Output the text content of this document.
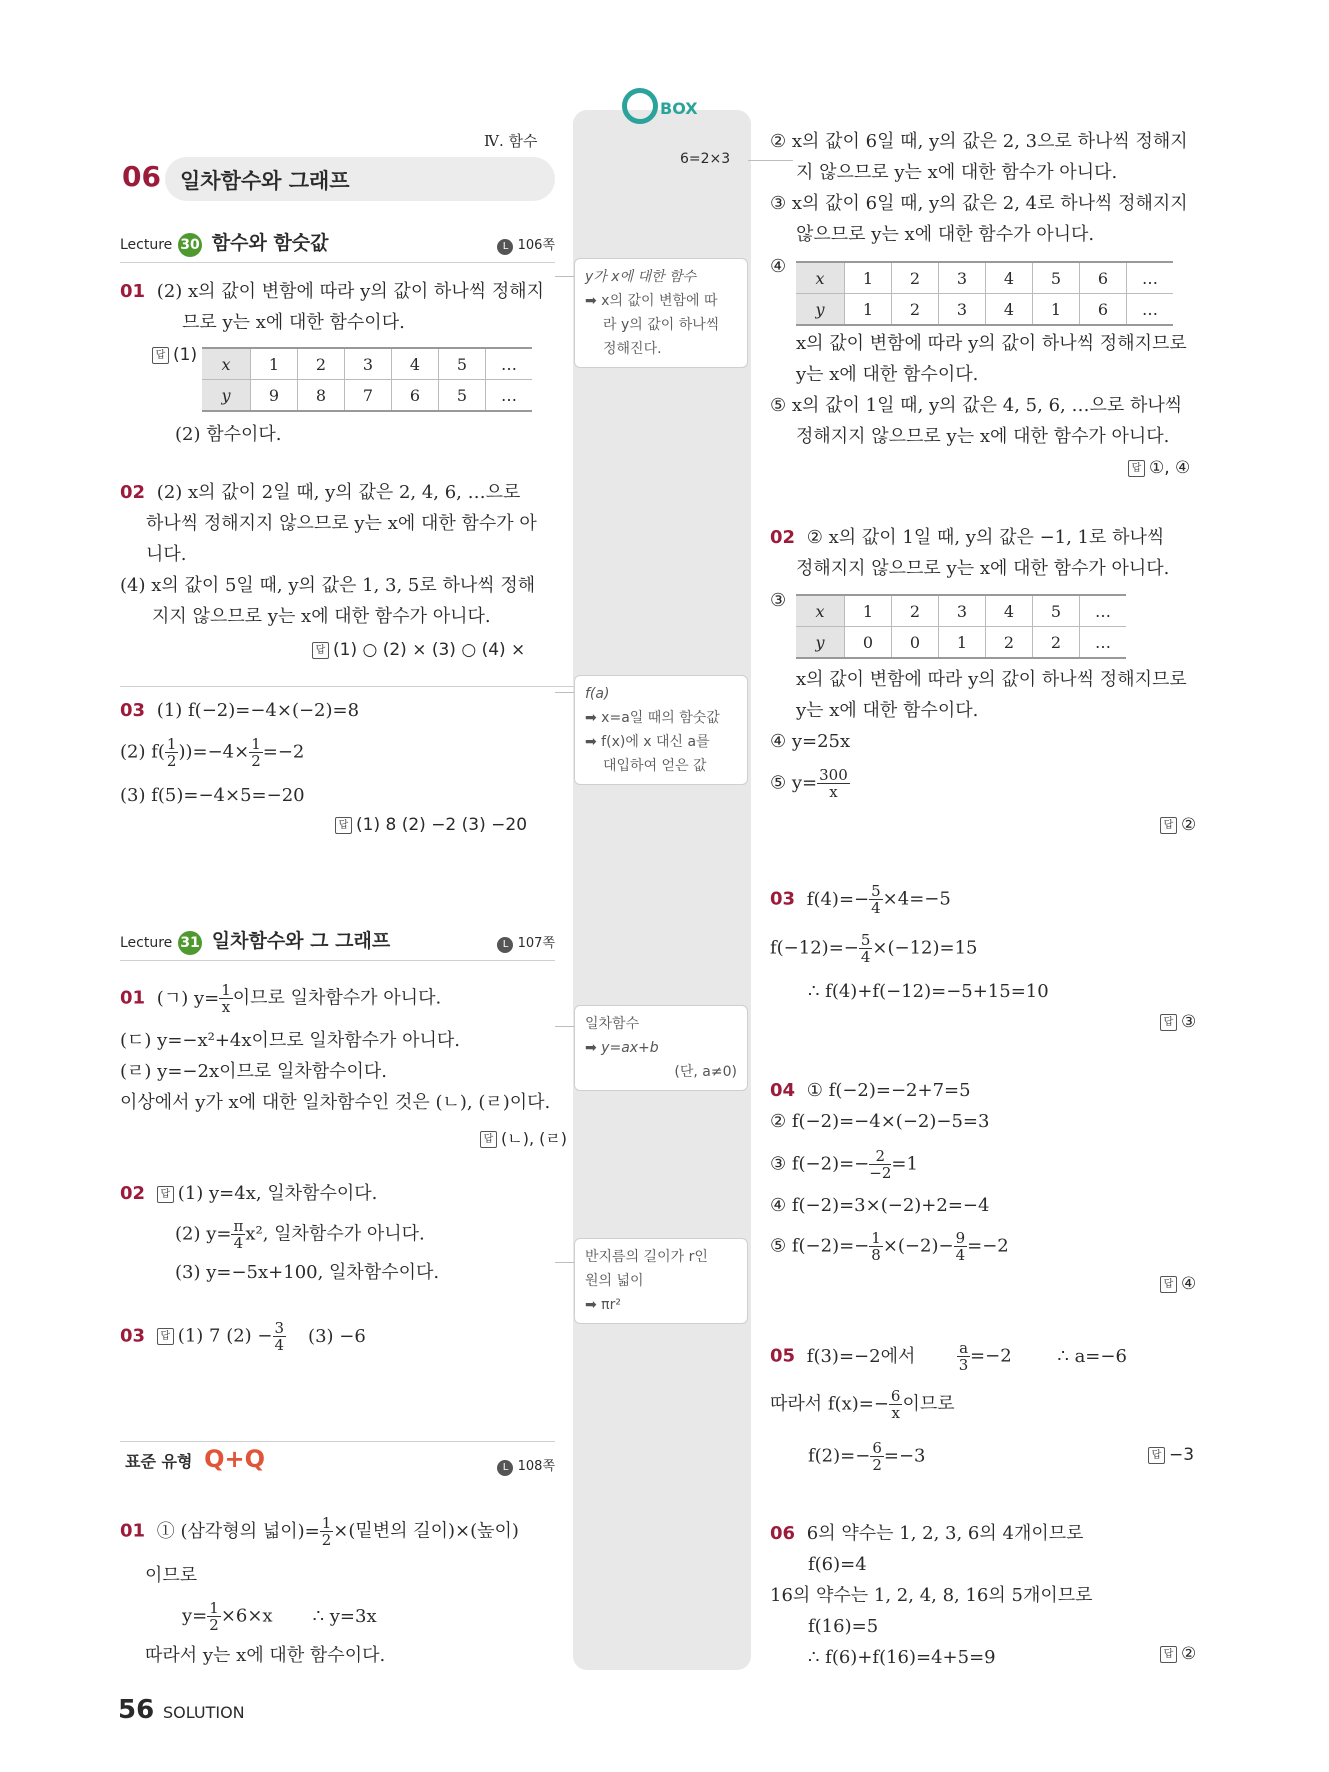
BOX
Ⅳ. 함수
06 일차함수와 그래프
Lecture 30 함수와 함숫값	L 106쪽
01 (2) x의 값이 변함에 따라 y의 값이 하나씩 정해지
므로 y는 x에 대한 함수이다.

답 (1) x	1	2	3	4	5	…
y	9	8	7	6	5	…
(2) 함수이다.
02 (2) x의 값이 2일 때, y의 값은 2, 4, 6, …으로
하나씩 정해지지 않으므로 y는 x에 대한 함수가 아
니다.
(4) x의 값이 5일 때, y의 값은 1, 3, 5로 하나씩 정해
지지 않으므로 y는 x에 대한 함수가 아니다.
답 (1) ○ (2) × (3) ○ (4) ×
03 (1) f(−2)=−4×(−2)=8
(2) $f( \frac{1}{2} ))=-4\times \frac{1}{2} =-2$
(3) f(5)=−4×5=−20
답 (1) 8 (2) −2 (3) −20
Lecture 31 일차함수와 그 그래프	L 107쪽
01 (ㄱ) $y= \frac{1}{x}$ 이므로 일차함수가 아니다.
(ㄷ) y=−x²+4x이므로 일차함수가 아니다.
(ㄹ) y=−2x이므로 일차함수이다.
이상에서 y가 x에 대한 일차함수인 것은 (ㄴ), (ㄹ)이다.
답 (ㄴ), (ㄹ)
02 답 (1) y=4x, 일차함수이다.
(2) $y= \frac{\pi}{4} x^2$, 일차함수가 아니다.
(3) y=−5x+100, 일차함수이다.
03 답 (1) 7 $(2) - \frac{3}{4} (3) -6$
표준 유형 Q+Q	L 108쪽
01 ① (삼각형의 넓이)= $\frac{1}{2}$ ×(밑변의 길이)×(높이)
이므로
$y= \frac{1}{2} \times 6\times x$ ∴ y=3x
따라서 y는 x에 대한 함수이다.
56 SOLUTION
6=2×3
y가 x에 대한 함수
➡ x의 값이 변함에 따
라 y의 값이 하나씩
정해진다.
f(a)
➡ x=a일 때의 함숫값
➡ f(x)에 x 대신 a를
대입하여 얻은 값
일차함수
➡ y=ax+b
(단, a≠0)
반지름의 길이가 r인
원의 넓이
➡ πr²
② x의 값이 6일 때, y의 값은 2, 3으로 하나씩 정해지
지 않으므로 y는 x에 대한 함수가 아니다.
③ x의 값이 6일 때, y의 값은 2, 4로 하나씩 정해지지
않으므로 y는 x에 대한 함수가 아니다.
④
x	1	2	3	4	5	6	…
y	1	2	3	4	1	6	…
x의 값이 변함에 따라 y의 값이 하나씩 정해지므로
y는 x에 대한 함수이다.
⑤ x의 값이 1일 때, y의 값은 4, 5, 6, …으로 하나씩
정해지지 않으므로 y는 x에 대한 함수가 아니다.
답 ①, ④
02 ② x의 값이 1일 때, y의 값은 −1, 1로 하나씩
정해지지 않으므로 y는 x에 대한 함수가 아니다.
③ x	1	2	3	4	5	…
y	0	0	1	2	2	…
x의 값이 변함에 따라 y의 값이 하나씩 정해지므로
y는 x에 대한 함수이다.
④ y=25x
⑤ $y= \frac{300}{x}$
답 ②
03 $f(4)=- \frac{5}{4} \times 4=-5$
$f(-12)=- \frac{5}{4} \times(-12)=15$
∴ f(4)+f(−12)=−5+15=10
답 ③
04 ① f(−2)=−2+7=5
② f(−2)=−4×(−2)−5=3
③ $f(-2)=- \frac{2}{-2} =1$
④ f(−2)=3×(−2)+2=−4
⑤ $f(-2)=- \frac{1}{8} \times(-2)- \frac{9}{4} =-2$
답 ④
05 f(3)=−2에서	$\frac{a}{3} =-2$	∴ a=−6
따라서 $f(x)=- \frac{6}{x}$ 이므로
$f(2)=- \frac{6}{2} =-3$	답 −3
06 6의 약수는 1, 2, 3, 6의 4개이므로
f(6)=4
16의 약수는 1, 2, 4, 8, 16의 5개이므로
f(16)=5
∴ f(6)+f(16)=4+5=9	답 ②
